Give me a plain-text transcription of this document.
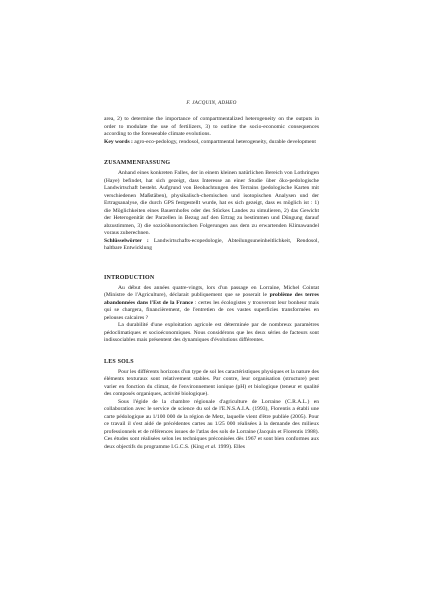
F. JACQUIN, ADHEO

area, 2) to determine the importance of compartmentalized heterogeneity on the outputs in order to modulate the use of fertilizers, 3) to outline the socio-economic consequences according to the foreseeable climate evolutions.

Key words : agro-eco-pedology, rendosol, compartmental heterogeneity, durable development

ZUSAMMENFASSUNG

Anhand eines konkreten Falles, der in einem kleinen natürlichen Bereich von Lothringen (Haye) befindet, hat sich gezeigt, dass Interesse an einer Studie über öko-pedologische Landwirtschaft besteht. Aufgrund von Beobachtungen des Terrains (pedologische Karten mit verschiedenen Maßstäben), physikalisch-chemischen und isotopischen Analysen und der Ertragsanalyse, die durch GPS festgestellt wurde, hat es sich gezeigt, dass es möglich ist : 1) die Möglichkeiten eines Bauernhofes oder des Stückes Landes zu simulieren, 2) das Gewicht der Heterogenität der Parzellen in Bezug auf den Ertrag zu bestimmen und Düngung darauf abzustimmen, 3) die sozioökonomischen Folgerungen aus dem zu erwartenden Klimawandel voraus zuberechnen.

Schlüsselwörter : Landwirtschafts-ecopedologie, Abteilungsuneinheitlichkeit, Rendosol, haltbare Entwicklung

INTRODUCTION

Au début des années quatre-vingts, lors d'un passage en Lorraine, Michel Cointat (Ministre de l'Agriculture), déclarait publiquement que se poserait le problème des terres abandonnées dans l'Est de la France : certes les écologistes y trouveront leur bonheur mais qui se chargera, financièrement, de l'entretien de ces vastes superficies transformées en pelouses calcaires ?

La durabilité d'une exploitation agricole est déterminée par de nombreux paramètres pédoclimatiques et socioéconomiques. Nous considérons que les deux séries de facteurs sont indissociables mais présentent des dynamiques d'évolutions différentes.

LES SOLS

Pour les différents horizons d'un type de sol les caractéristiques physiques et la nature des éléments texturaux sont relativement stables. Par contre, leur organisation (structure) peut varier en fonction du climat, de l'environnement ionique (pH) et biologique (teneur et qualité des composés organiques, activité biologique).

Sous l'égide de la chambre régionale d'agriculture de Lorraine (C.R.A.L.) en collaboration avec le service de science du sol de l'E.N.S.A.I.A. (1993), Florentis a établi une carte pédologique au 1/100 000 de la région de Metz, laquelle vient d'être publiée (2005). Pour ce travail il s'est aidé de précédentes cartes au 1/25 000 réalisées à la demande des milieux professionnels et de références issues de l'atlas des sols de Lorraine (Jacquin et Florentis 1988). Ces études sont réalisées selon les techniques préconisées dès 1967 et sont bien conformes aux deux objectifs du programme I.G.C.S. (King et al. 1999). Elles
